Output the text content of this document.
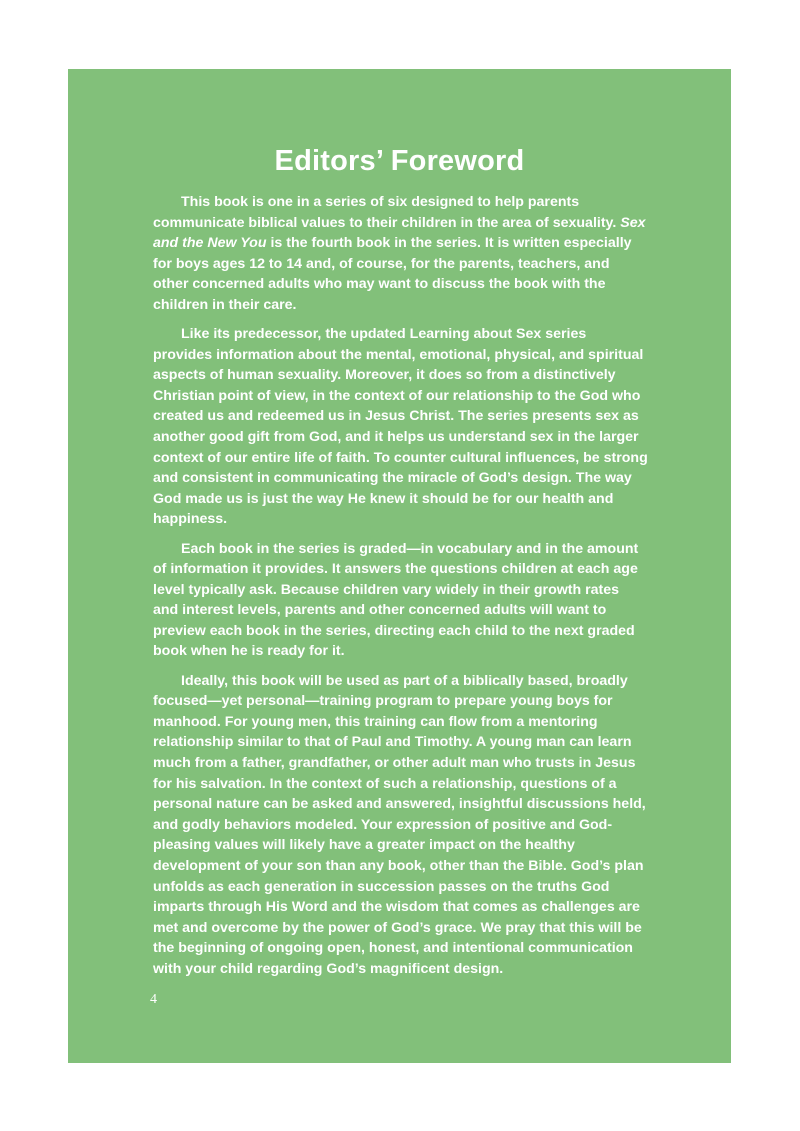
Editors’ Foreword

This book is one in a series of six designed to help parents communicate biblical values to their children in the area of sexuality. Sex and the New You is the fourth book in the series. It is written especially for boys ages 12 to 14 and, of course, for the parents, teachers, and other concerned adults who may want to discuss the book with the children in their care.

Like its predecessor, the updated Learning about Sex series provides information about the mental, emotional, physical, and spiritual aspects of human sexuality. Moreover, it does so from a distinctively Christian point of view, in the context of our relationship to the God who created us and redeemed us in Jesus Christ. The series presents sex as another good gift from God, and it helps us understand sex in the larger context of our entire life of faith. To counter cultural influences, be strong and consistent in communicating the miracle of God’s design. The way God made us is just the way He knew it should be for our health and happiness.

Each book in the series is graded—in vocabulary and in the amount of information it provides. It answers the questions children at each age level typically ask. Because children vary widely in their growth rates and interest levels, parents and other concerned adults will want to preview each book in the series, directing each child to the next graded book when he is ready for it.

Ideally, this book will be used as part of a biblically based, broadly focused—yet personal—training program to prepare young boys for manhood. For young men, this training can flow from a mentoring relationship similar to that of Paul and Timothy. A young man can learn much from a father, grandfather, or other adult man who trusts in Jesus for his salvation. In the context of such a relationship, questions of a personal nature can be asked and answered, insightful discussions held, and godly behaviors modeled. Your expression of positive and God-pleasing values will likely have a greater impact on the healthy development of your son than any book, other than the Bible. God’s plan unfolds as each generation in succession passes on the truths God imparts through His Word and the wisdom that comes as challenges are met and overcome by the power of God’s grace. We pray that this will be the beginning of ongoing open, honest, and intentional communication with your child regarding God’s magnificent design.

4
